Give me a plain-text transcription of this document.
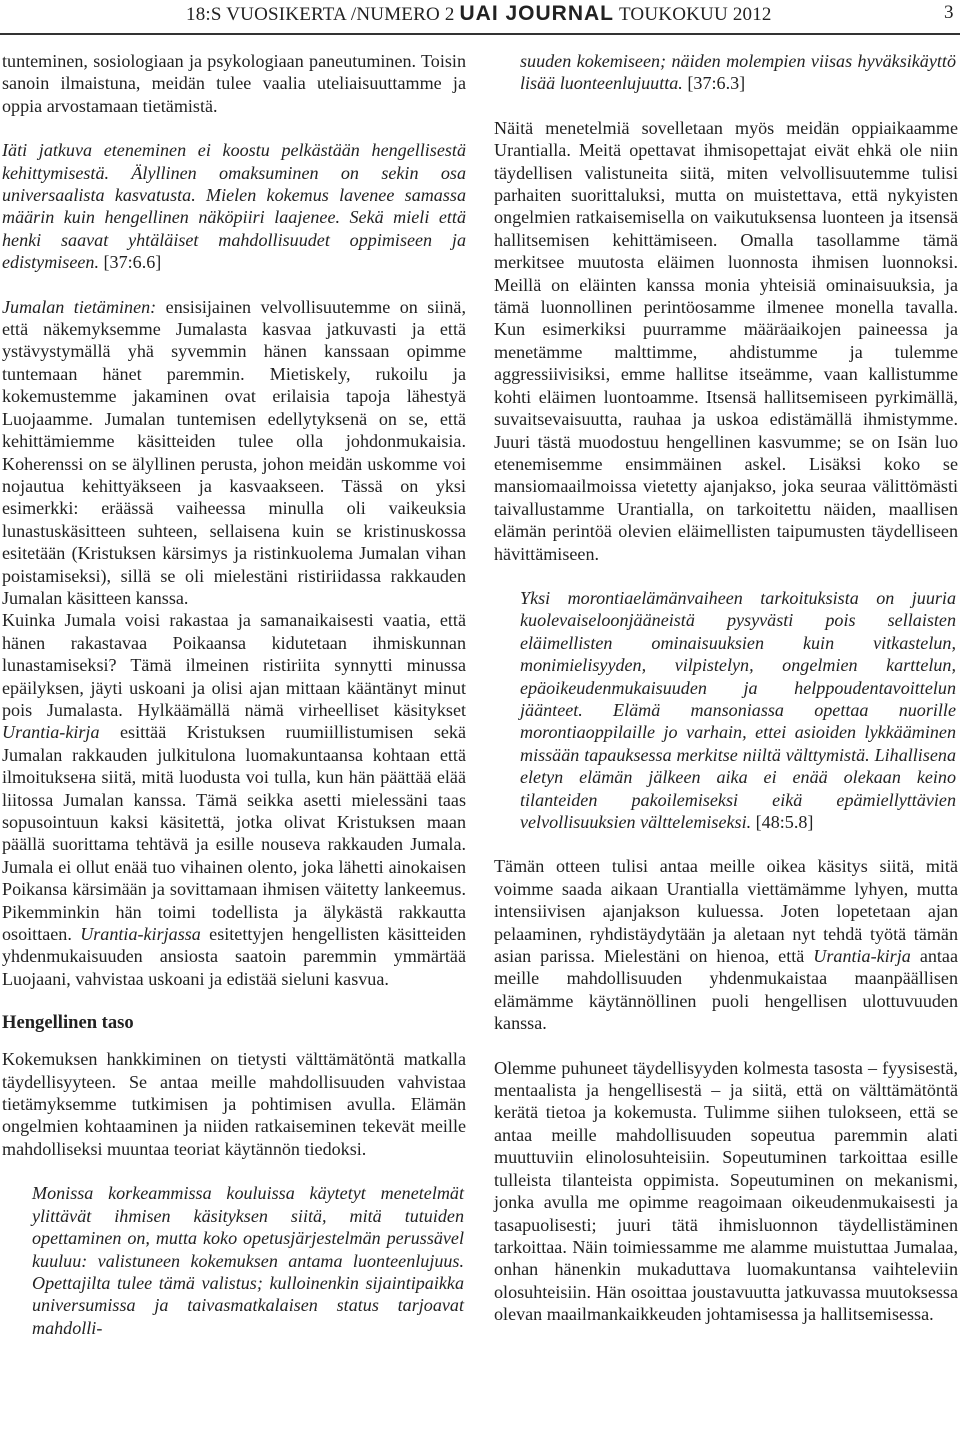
18:S VUOSIKERTA /NUMERO 2 UAI JOURNAL TOUKOKUU 2012	3

tuntеminen, sosiologiaan ja psykologiaan paneutuminen. Toisin sanoin ilmaistuna, meidän tulee vaalia uteliaisuuttamme ja oppia arvostamaan tietämistä.

Iäti jatkuva eteneminen ei koostu pelkästään hengellisestä kehittymisestä. Älyllinen omaksuminen on sekin osa universaalista kasvatusta. Mielen kokemus lavenee samassa määrin kuin hengellinen näköpiiri laajenee. Sekä mieli että henki saavat yhtäläiset mahdollisuudet oppimiseen ja edistymiseen. [37:6.6]

Jumalan tietäminen: ensisijainen velvollisuutemme on siinä, että näkemyksemme Jumalasta kasvaa jatkuvasti ja että ystävystymällä yhä syvemmin hänen kanssaan opimme tuntemaan hänet paremmin. Mietiskely, rukoilu ja kokemustemme jakaminen ovat erilaisia tapoja lähestyä Luojaamme. Jumalan tuntemisen edellytyksenä on se, että kehittämiemme käsitteiden tulee olla johdonmukaisia. Koherenssi on se älyllinen perusta, johon meidän uskomme voi nojautua kehittyäkseen ja kasvaakseen. Tässä on yksi esimerkki: eräässä vaiheessa minulla oli vaikeuksia lunastuskäsitteen suhteen, sellaisena kuin se kristinuskossa esitetään (Kristuksen kärsimys ja ristinkuolema Jumalan vihan poistamiseksi), sillä se oli mielestäni ristiriidassa rakkauden Jumalan käsitteen kanssa.

Kuinka Jumala voisi rakastaa ja samanaikaisesti vaatia, että hänen rakastavaa Poikaansa kidutetaan ihmiskunnan lunastamiseksi? Tämä ilmeinen ristiriita synnytti minussa epäilyksen, jäyti uskoani ja olisi ajan mittaan kääntänyt minut pois Jumalasta. Hylkäämällä nämä virheelliset käsitykset Urantia-kirja esittää Kristuksen ruumiillistumisen sekä Jumalan rakkauden julkitulona luomakuntaansa kohtaan että ilmoitukseна siitä, mitä luodusta voi tulla, kun hän päättää elää liitossa Jumalan kanssa. Tämä seikka asetti mielessäni taas sopusointuun kaksi käsitettä, jotka olivat Kristuksen maan päällä suorittama tehtävä ja esille nousevа rakkauden Jumala. Jumala ei ollut enää tuo vihainen olento, joka lähetti ainokaisen Poikansa kärsimään ja sovittamaan ihmisen väitetty lankeemus. Pikemminkin hän toimi todellista ja älykästä rakkautta osoittaen. Urantia-kirjassa esitettyjen hengellisten käsitteiden yhdenmukaisuuden ansiosta saatoin paremmin ymmärtää Luojaani, vahvistaa uskoani ja edistää sieluni kasvua.

Hengellinen taso

Kokemuksen hankkiminen on tietysti välttämätöntä matkalla täydellisyyteen. Se antaa meille mahdollisuuden vahvistaa tietämyksemme tutkimisen ja pohtimisen avulla. Elämän ongelmien kohtaaminen ja niiden ratkaiseminen tekevät meille mahdolliseksi muuntaa teoriat käytännön tiedoksi.

Monissa korkeammissa kouluissa käytetyt menetelmät ylittävät ihmisen käsityksen siitä, mitä tutuiden opettaminen on, mutta koko opetusjärjestelmän perussävel kuuluu: valistuneen kokemuksen antama luonteenlujuus. Opettajilta tulee tämä valistus; kulloinenkin sijaintipaikka universumissa ja taivasmatkalaisen status tarjoavat mahdolli-

suuden kokemiseen; näiden molempien viisas hyväksikäyttö lisää luonteenlujuutta. [37:6.3]

Näitä menetelmiä sovelletaan myös meidän oppiaikaamme Urantialla. Meitä opettavat ihmisopettajat eivät ehkä ole niin täydellisen valistuneita siitä, miten velvollisuutemme tulisi parhaiten suorittaluksi, mutta on muistettava, että nykyisten ongelmien ratkaisemisella on vaikutuksensa luonteen ja itsensä hallitsemisen kehittämiseen. Omalla tasollamme tämä merkitsee muutosta eläimen luonnosta ihmisen luonnoksi. Meillä on eläinten kanssa monia yhteisiä ominaisuuksia, ja tämä luonnollinen perintöosamme ilmenee monella tavalla. Kun esimerkiksi puurramme määräaikojen paineessa ja menetämme malttimme, ahdistumme ja tulemme aggressiivisiksi, emme hallitse itseämme, vaan kallistumme kohti eläimen luontoamme. Itsensä hallitsemiseen pyrkimällä, suvaitsevaisuutta, rauhaa ja uskoa edistämällä ihmistymme. Juuri tästä muodostuu hengellinen kasvumme; se on Isän luo etenemisemme ensimmäinen askel. Lisäksi koko se mansiomaailmoissa vietetty ajanjakso, joka seuraa välittömästi taivallustamme Urantialla, on tarkoitettu näiden, maallisen elämän perintöä olevien eläimellisten taipumusten täydelliseen hävittämiseen.

Yksi morontiaelämänvaiheen tarkoituksista on juuria kuolevaiseloonjääneistä pysyvästi pois sellaisten eläimellisten ominaisuuksien kuin vitkastelun, monimielisyyden, vilpistelyn, ongelmien karttelun, epäoikeudenmukaisuuden ja helppoudentavoittelun jäänteet. Elämä mansoniassa opettaa nuorille morontiaoppilaille jo varhain, ettei asioiden lykkääminen missään tapauksessa merkitse niiltä välttymistä. Lihallisena eletyn elämän jälkeen aika ei enää olekaan keino tilanteiden pakoilemiseksi eikä epämiellyttävien velvollisuuksien välttelemiseksi. [48:5.8]

Tämän otteen tulisi antaa meille oikea käsitys siitä, mitä voimme saada aikaan Urantialla viettämämme lyhyen, mutta intensiivisen ajanjakson kuluessa. Joten lopetetaan ajan pelaaminen, ryhdistäydytään ja aletaan nyt tehdä työtä tämän asian parissa. Mielestäni on hienoa, että Urantia-kirja antaa meille mahdollisuuden yhdenmukaistaa maanpäällisen elämämme käytännöllinen puoli hengellisen ulottuvuuden kanssa.

Olemme puhuneet täydellisyyden kolmesta tasosta – fyysisestä, mentaalista ja hengellisestä – ja siitä, että on välttämätöntä kerätä tietoa ja kokemusta. Tulimme siihen tulokseen, että se antaa meille mahdollisuuden sopeutua paremmin alati muuttuviin elinolosuhteisiin. Sopeutuminen tarkoittaa esille tulleista tilanteista oppimista. Sopeutuminen on mekanismi, jonka avulla me opimme reagoimaan oikeudenmukaisesti ja tasapuolisesti; juuri tätä ihmisluonnon täydellistäminen tarkoittaa. Näin toimiessamme me alamme muistuttaa Jumalaa, onhan hänenkin mukaduttava luomakuntansa vaihteleviin olosuhteisiin. Hän osoittaa joustavuutta jatkuvassa muutoksessa olevan maailmankaikkeuden johtamisessa ja hallitsemisessa.
